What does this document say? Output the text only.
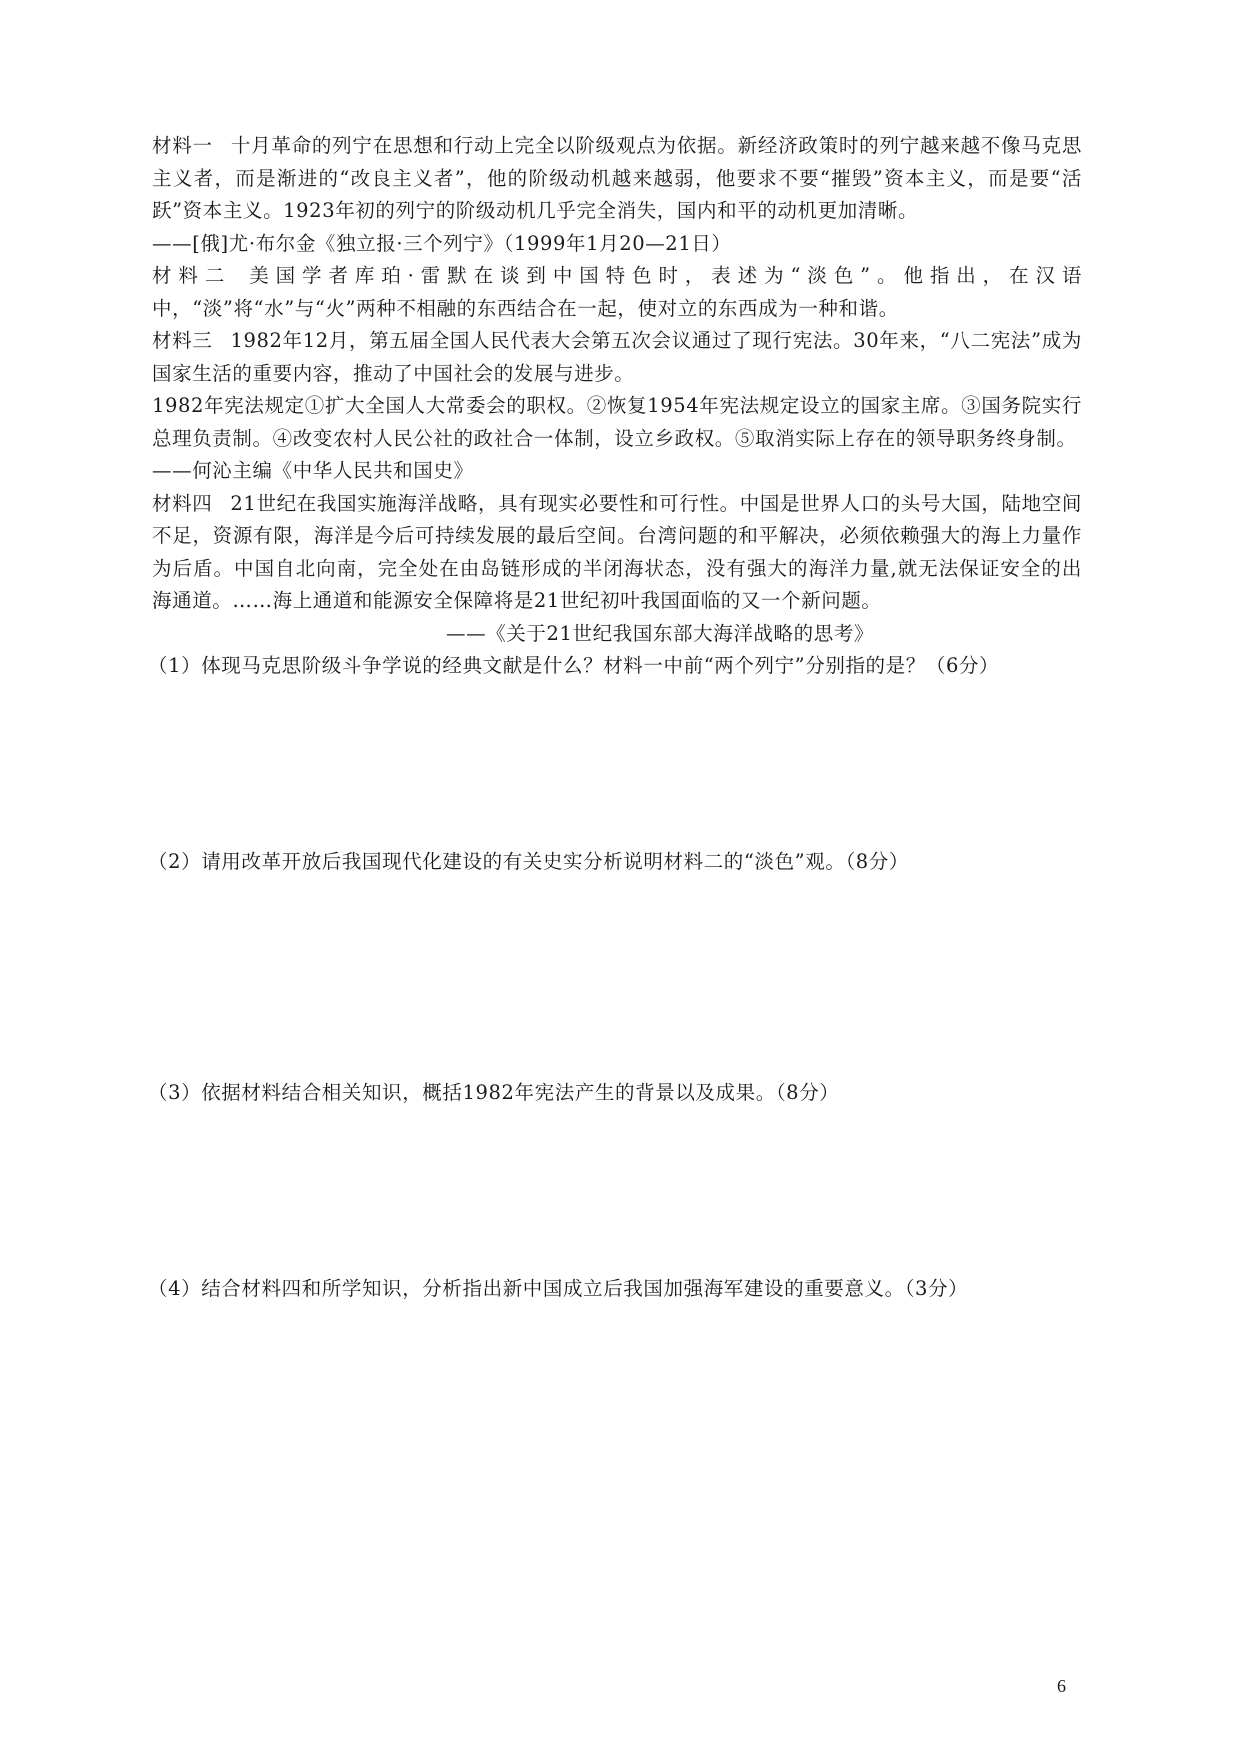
材料一 十月革命的列宁在思想和行动上完全以阶级观点为依据。新经济政策时的列宁越来越不像马克思主义者，而是渐进的“改良主义者”，他的阶级动机越来越弱，他要求不要“摧毁”资本主义，而是要“活跃”资本主义。1923年初的列宁的阶级动机几乎完全消失，国内和平的动机更加清晰。

——[俄]尤·布尔金《独立报·三个列宁》（1999年1月20—21日）

材料二 美国学者库珀·雷默在谈到中国特色时，表述为“淡色”。他指出，在汉语中，“淡”将“水”与“火”两种不相融的东西结合在一起，使对立的东西成为一种和谐。

材料三 1982年12月，第五届全国人民代表大会第五次会议通过了现行宪法。30年来，“八二宪法”成为国家生活的重要内容，推动了中国社会的发展与进步。

1982年宪法规定①扩大全国人大常委会的职权。②恢复1954年宪法规定设立的国家主席。③国务院实行总理负责制。④改变农村人民公社的政社合一体制，设立乡政权。⑤取消实际上存在的领导职务终身制。

——何沁主编《中华人民共和国史》

材料四 21世纪在我国实施海洋战略，具有现实必要性和可行性。中国是世界人口的头号大国，陆地空间不足，资源有限，海洋是今后可持续发展的最后空间。台湾问题的和平解决，必须依赖强大的海上力量作为后盾。中国自北向南，完全处在由岛链形成的半闭海状态，没有强大的海洋力量,就无法保证安全的出海通道。……海上通道和能源安全保障将是21世纪初叶我国面临的又一个新问题。

——《关于21世纪我国东部大海洋战略的思考》

（1）体现马克思阶级斗争学说的经典文献是什么？材料一中前“两个列宁”分别指的是？（6分）

（2）请用改革开放后我国现代化建设的有关史实分析说明材料二的“淡色”观。（8分）

（3）依据材料结合相关知识，概括1982年宪法产生的背景以及成果。（8分）

（4）结合材料四和所学知识，分析指出新中国成立后我国加强海军建设的重要意义。（3分）

6
